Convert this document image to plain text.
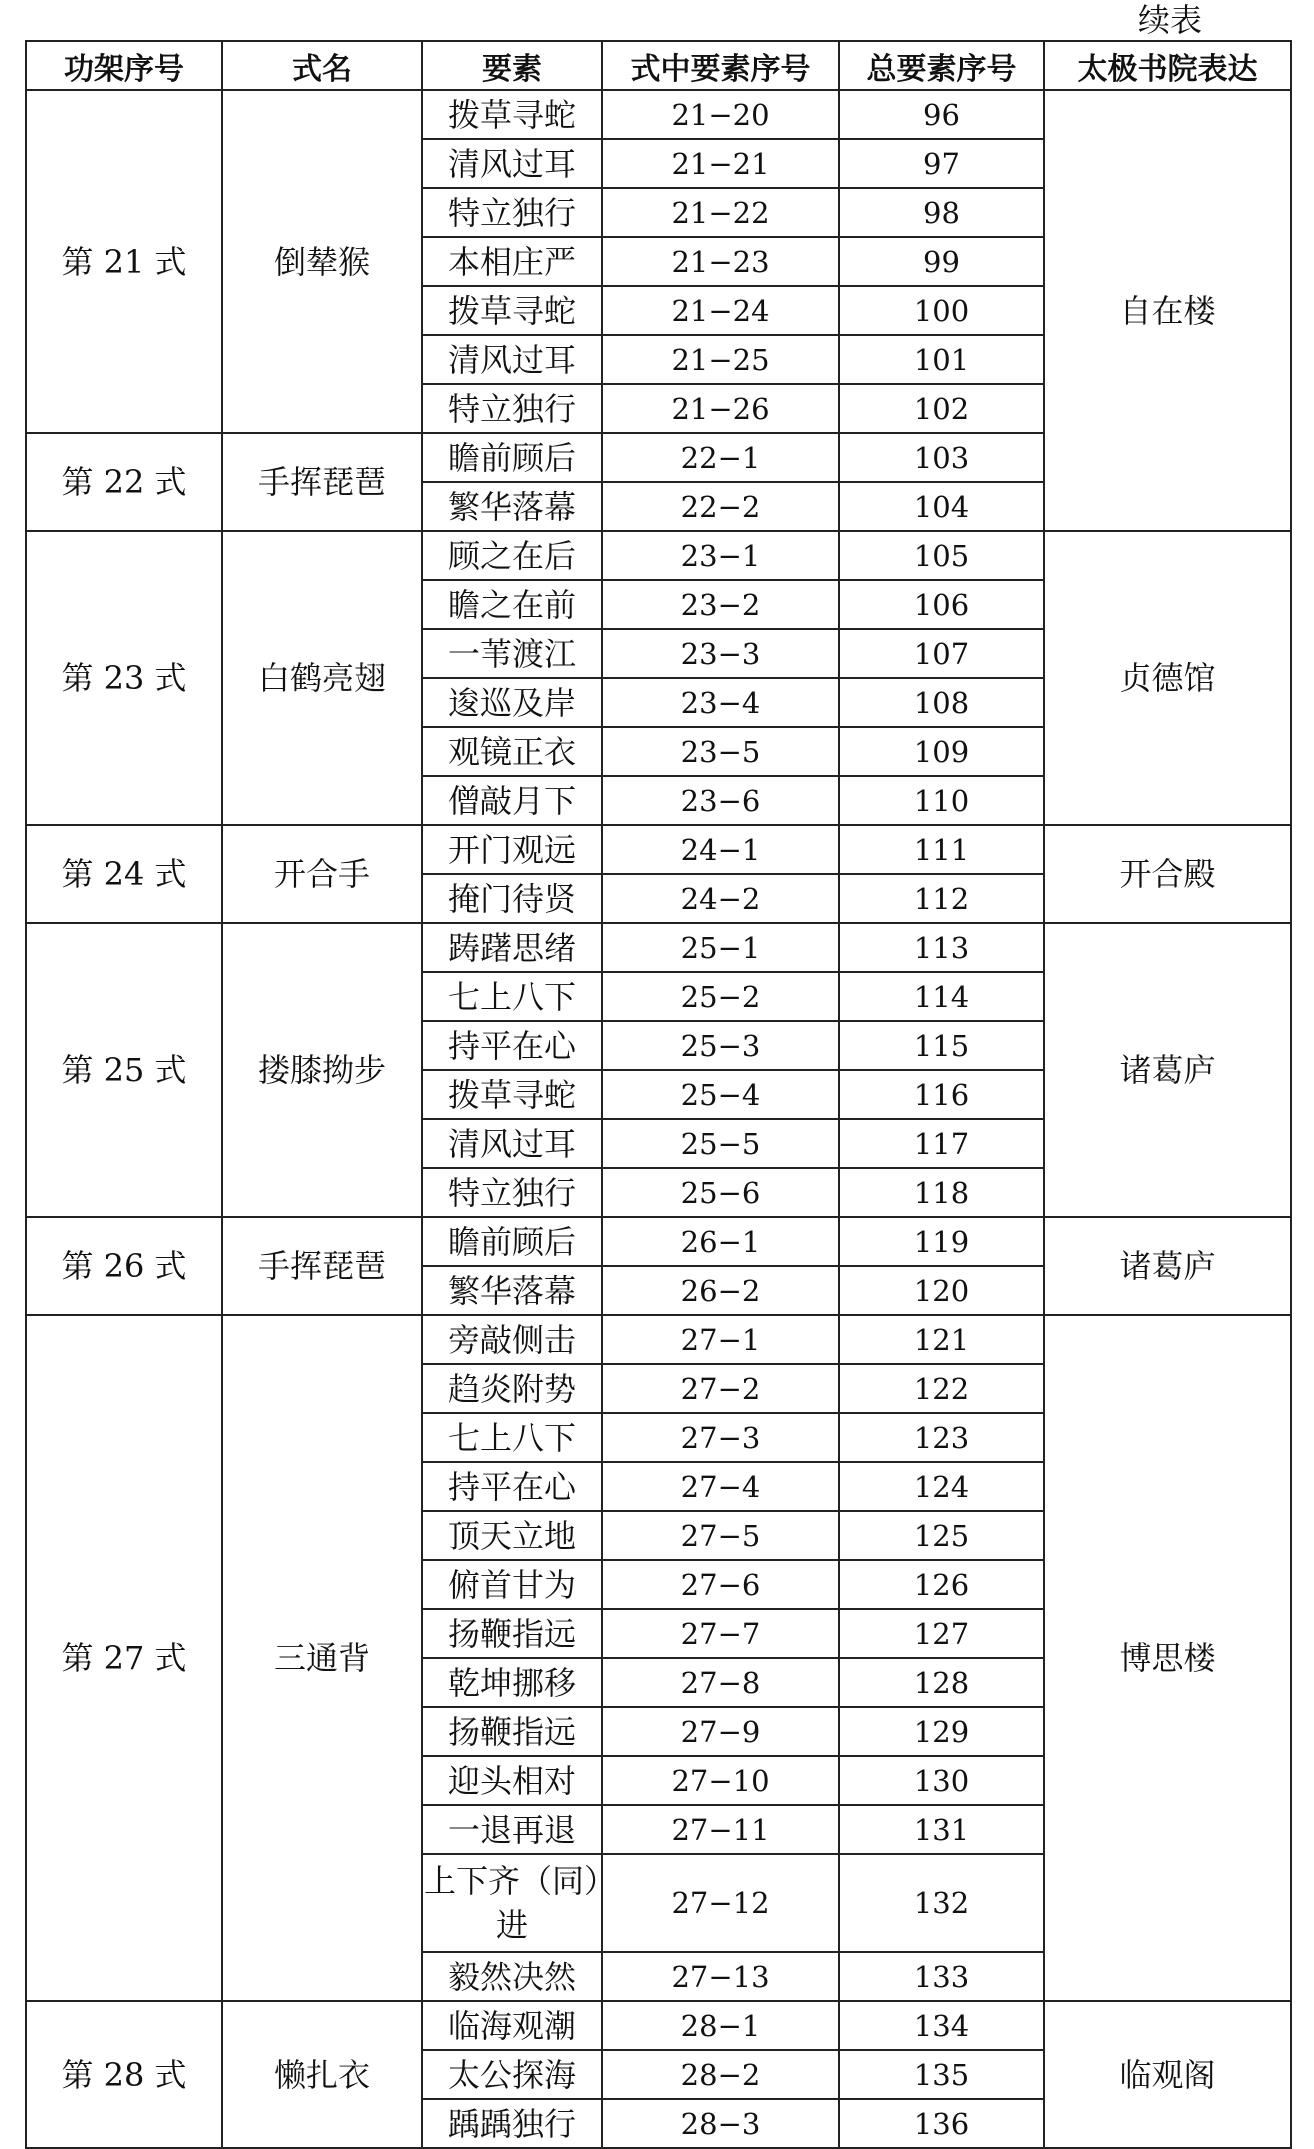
续表
功架序号	式名	要素	式中要素序号	总要素序号	太极书院表达
第 21 式	倒辇猴	拨草寻蛇	21−20	96	自在楼
		清风过耳	21−21	97	
		特立独行	21−22	98	
		本相庄严	21−23	99	
		拨草寻蛇	21−24	100	
		清风过耳	21−25	101	
		特立独行	21−26	102	
第 22 式	手挥琵琶	瞻前顾后	22−1	103	
		繁华落幕	22−2	104	
第 23 式	白鹤亮翅	顾之在后	23−1	105	贞德馆
		瞻之在前	23−2	106	
		一苇渡江	23−3	107	
		逡巡及岸	23−4	108	
		观镜正衣	23−5	109	
		僧敲月下	23−6	110	
第 24 式	开合手	开门观远	24−1	111	开合殿
		掩门待贤	24−2	112	
第 25 式	搂膝拗步	踌躇思绪	25−1	113	诸葛庐
		七上八下	25−2	114	
		持平在心	25−3	115	
		拨草寻蛇	25−4	116	
		清风过耳	25−5	117	
		特立独行	25−6	118	
第 26 式	手挥琵琶	瞻前顾后	26−1	119	诸葛庐
		繁华落幕	26−2	120	
第 27 式	三通背	旁敲侧击	27−1	121	博思楼
		趋炎附势	27−2	122	
		七上八下	27−3	123	
		持平在心	27−4	124	
		顶天立地	27−5	125	
		俯首甘为	27−6	126	
		扬鞭指远	27−7	127	
		乾坤挪移	27−8	128	
		扬鞭指远	27−9	129	
		迎头相对	27−10	130	
		一退再退	27−11	131	
		上下齐（同）进	27−12	132	
		毅然决然	27−13	133	
第 28 式	懒扎衣	临海观潮	28−1	134	临观阁
		太公探海	28−2	135	
		踽踽独行	28−3	136	
